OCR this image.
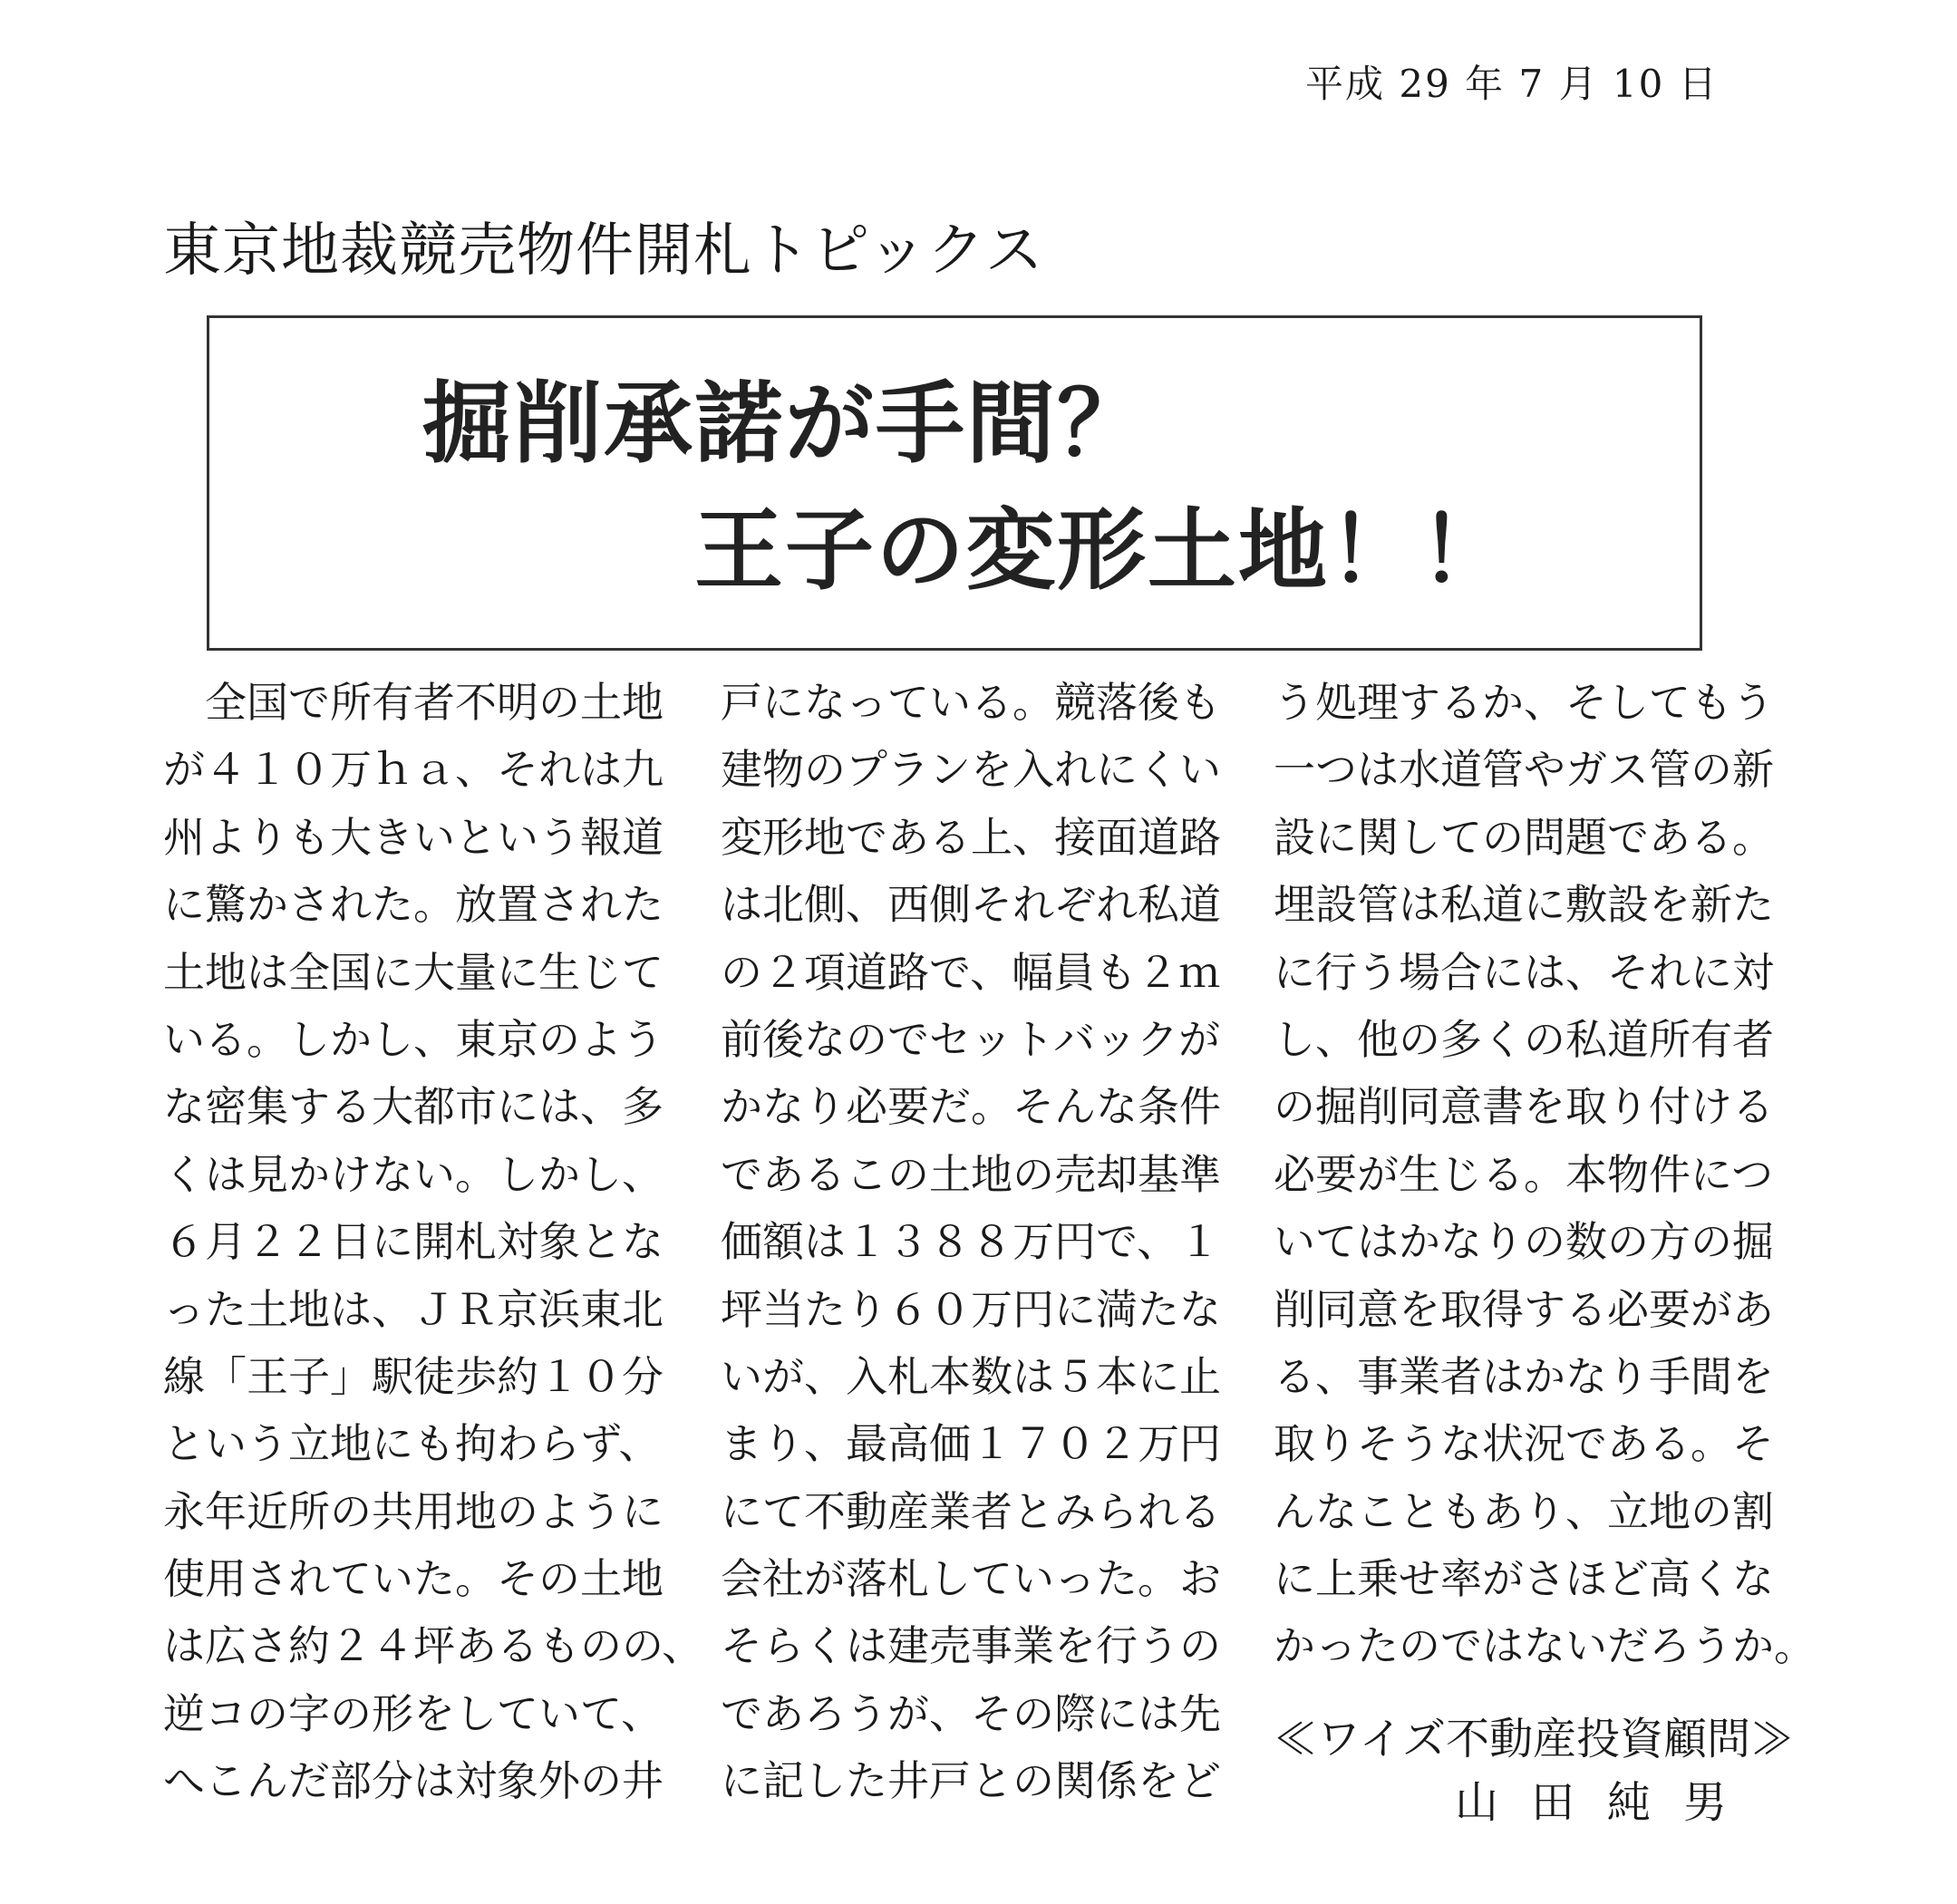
平成 29 年 7 月 10 日
東京地裁競売物件開札トピックス
掘削承諾が手間？
王子の変形土地！！
　全国で所有者不明の土地
が４１０万ｈａ、それは九
州よりも大きいという報道
に驚かされた。放置された
土地は全国に大量に生じて
いる。しかし、東京のよう
な密集する大都市には、多
くは見かけない。しかし、
６月２２日に開札対象とな
った土地は、ＪＲ京浜東北
線「王子」駅徒歩約１０分
という立地にも拘わらず、
永年近所の共用地のように
使用されていた。その土地
は広さ約２４坪あるものの、
逆コの字の形をしていて、
へこんだ部分は対象外の井
戸になっている。競落後も
建物のプランを入れにくい
変形地である上、接面道路
は北側、西側それぞれ私道
の２項道路で、幅員も２ｍ
前後なのでセットバックが
かなり必要だ。そんな条件
であるこの土地の売却基準
価額は１３８８万円で、１
坪当たり６０万円に満たな
いが、入札本数は５本に止
まり、最高価１７０２万円
にて不動産業者とみられる
会社が落札していった。お
そらくは建売事業を行うの
であろうが、その際には先
に記した井戸との関係をど
う処理するか、そしてもう
一つは水道管やガス管の新
設に関しての問題である。
埋設管は私道に敷設を新た
に行う場合には、それに対
し、他の多くの私道所有者
の掘削同意書を取り付ける
必要が生じる。本物件につ
いてはかなりの数の方の掘
削同意を取得する必要があ
る、事業者はかなり手間を
取りそうな状況である。そ
んなこともあり、立地の割
に上乗せ率がさほど高くな
かったのではないだろうか。
≪ワイズ不動産投資顧問≫
山田純男
